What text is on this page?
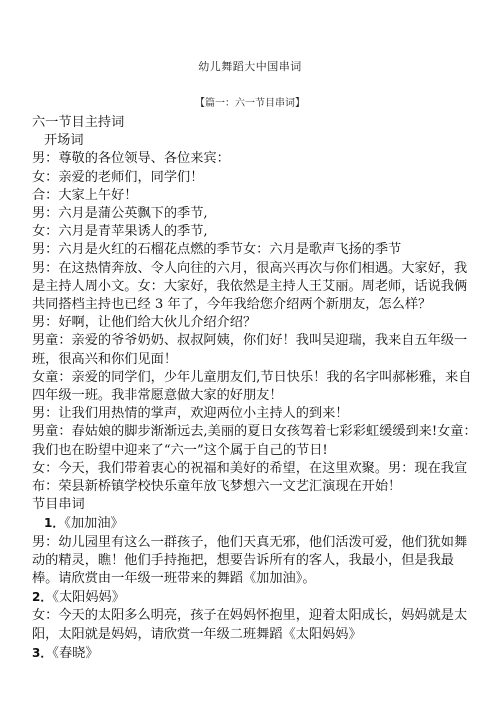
幼儿舞蹈大中国串词
【篇一：六一节目串词】

六一节目主持词

开场词

男：尊敬的各位领导、各位来宾：

女：亲爱的老师们，同学们！

合：大家上午好！

男：六月是蒲公英飘下的季节,

女：六月是青苹果诱人的季节,

男：六月是火红的石榴花点燃的季节女：六月是歌声飞扬的季节

男：在这热情奔放、令人向往的六月，很高兴再次与你们相遇。大家好，我是主持人周小文。女：大家好，我依然是主持人王艾丽。周老师，话说我俩共同搭档主持也已经 3 年了，今年我给您介绍两个新朋友，怎么样？

男：好啊，让他们给大伙儿介绍介绍？

男童：亲爱的爷爷奶奶、叔叔阿姨，你们好！我叫吴迎瑞，我来自五年级一班，很高兴和你们见面！

女童：亲爱的同学们，少年儿童朋友们,节日快乐！我的名字叫郝彬雅，来自四年级一班。我非常愿意做大家的好朋友！

男：让我们用热情的掌声，欢迎两位小主持人的到来！

男童：春姑娘的脚步渐渐远去,美丽的夏日女孩驾着七彩彩虹缓缓到来!女童：我们也在盼望中迎来了“六一”这个属于自己的节日!

女：今天，我们带着衷心的祝福和美好的希望，在这里欢聚。男：现在我宣布：荣县新桥镇学校快乐童年放飞梦想六一文艺汇演现在开始！

节目串词

1．《加加油》

男：幼儿园里有这么一群孩子，他们天真无邪，他们活泼可爱，他们犹如舞动的精灵，瞧！他们手持拖把，想要告诉所有的客人，我最小，但是我最棒。请欣赏由一年级一班带来的舞蹈《加加油》。

2．《太阳妈妈》

女：今天的太阳多么明亮，孩子在妈妈怀抱里，迎着太阳成长，妈妈就是太阳，太阳就是妈妈，请欣赏一年级二班舞蹈《太阳妈妈》

3．《春晓》
